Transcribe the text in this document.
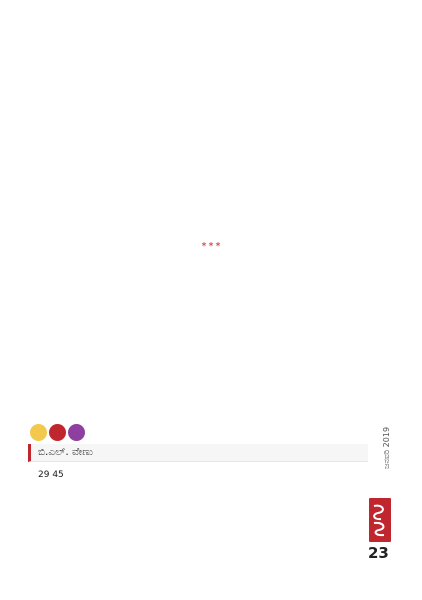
***

ಬಿ.ಎಲ್. ವೇಣು
29 45
ಜನವರಿ 2019
23
